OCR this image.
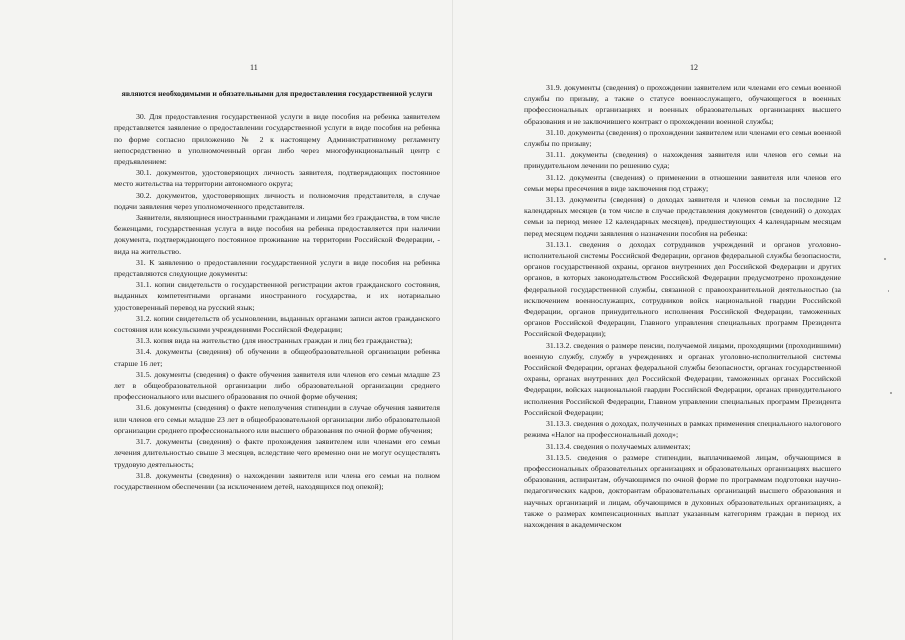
11
являются необходимыми и обязательными для предоставления государственной услуги

30. Для предоставления государственной услуги в виде пособия на ребенка заявителем представляется заявление о предоставлении государственной услуги в виде пособия на ребенка по форме согласно приложению № 2 к настоящему Административному регламенту непосредственно в уполномоченный орган либо через многофункциональный центр с предъявлением:

30.1. документов, удостоверяющих личность заявителя, подтверждающих постоянное место жительства на территории автономного округа;

30.2. документов, удостоверяющих личность и полномочия представителя, в случае подачи заявления через уполномоченного представителя.

Заявители, являющиеся иностранными гражданами и лицами без гражданства, в том числе беженцами, государственная услуга в виде пособия на ребенка предоставляется при наличии документа, подтверждающего постоянное проживание на территории Российской Федерации, - вида на жительство.

31. К заявлению о предоставлении государственной услуги в виде пособия на ребенка представляются следующие документы:

31.1. копии свидетельств о государственной регистрации актов гражданского состояния, выданных компетентными органами иностранного государства, и их нотариально удостоверенный перевод на русский язык;

31.2. копии свидетельств об усыновлении, выданных органами записи актов гражданского состояния или консульскими учреждениями Российской Федерации;

31.3. копия вида на жительство (для иностранных граждан и лиц без гражданства);

31.4. документы (сведения) об обучении в общеобразовательной организации ребенка старше 16 лет;

31.5. документы (сведения) о факте обучения заявителя или членов его семьи младше 23 лет в общеобразовательной организации либо образовательной организации среднего профессионального или высшего образования по очной форме обучения;

31.6. документы (сведения) о факте неполучения стипендии в случае обучения заявителя или членов его семьи младше 23 лет в общеобразовательной организации либо образовательной организации среднего профессионального или высшего образования по очной форме обучения;

31.7. документы (сведения) о факте прохождения заявителем или членами его семьи лечения длительностью свыше 3 месяцев, вследствие чего временно они не могут осуществлять трудовую деятельность;

31.8. документы (сведения) о нахождении заявителя или члена его семьи на полном государственном обеспечении (за исключением детей, находящихся под опекой);

12

31.9. документы (сведения) о прохождении заявителем или членами его семьи военной службы по призыву, а также о статусе военнослужащего, обучающегося в военных профессиональных организациях и военных образовательных организациях высшего образования и не заключившего контракт о прохождении военной службы;

31.10. документы (сведения) о прохождении заявителем или членами его семьи военной службы по призыву;

31.11. документы (сведения) о нахождения заявителя или членов его семьи на принудительном лечении по решению суда;

31.12. документы (сведения) о применении в отношении заявителя или членов его семьи меры пресечения в виде заключения под стражу;

31.13. документы (сведения) о доходах заявителя и членов семьи за последние 12 календарных месяцев (в том числе в случае представления документов (сведений) о доходах семьи за период менее 12 календарных месяцев), предшествующих 4 календарным месяцам перед месяцем подачи заявления о назначении пособия на ребенка:

31.13.1. сведения о доходах сотрудников учреждений и органов уголовно-исполнительной системы Российской Федерации, органов федеральной службы безопасности, органов государственной охраны, органов внутренних дел Российской Федерации и других органов, в которых законодательством Российской Федерации предусмотрено прохождение федеральной государственной службы, связанной с правоохранительной деятельностью (за исключением военнослужащих, сотрудников войск национальной гвардии Российской Федерации, органов принудительного исполнения Российской Федерации, таможенных органов Российской Федерации, Главного управления специальных программ Президента Российской Федерации);

31.13.2. сведения о размере пенсии, получаемой лицами, проходящими (проходившими) военную службу, службу в учреждениях и органах уголовно-исполнительной системы Российской Федерации, органах федеральной службы безопасности, органах государственной охраны, органах внутренних дел Российской Федерации, таможенных органах Российской Федерации, войсках национальной гвардии Российской Федерации, органах принудительного исполнения Российской Федерации, Главном управлении специальных программ Президента Российской Федерации;

31.13.3. сведения о доходах, полученных в рамках применения специального налогового режима «Налог на профессиональный доход»;

31.13.4. сведения о получаемых алиментах;

31.13.5. сведения о размере стипендии, выплачиваемой лицам, обучающимся в профессиональных образовательных организациях и образовательных организациях высшего образования, аспирантам, обучающимся по очной форме по программам подготовки научно-педагогических кадров, докторантам образовательных организаций высшего образования и научных организаций и лицам, обучающимся в духовных образовательных организациях, а также о размерах компенсационных выплат указанным категориям граждан в период их нахождения в академическом
